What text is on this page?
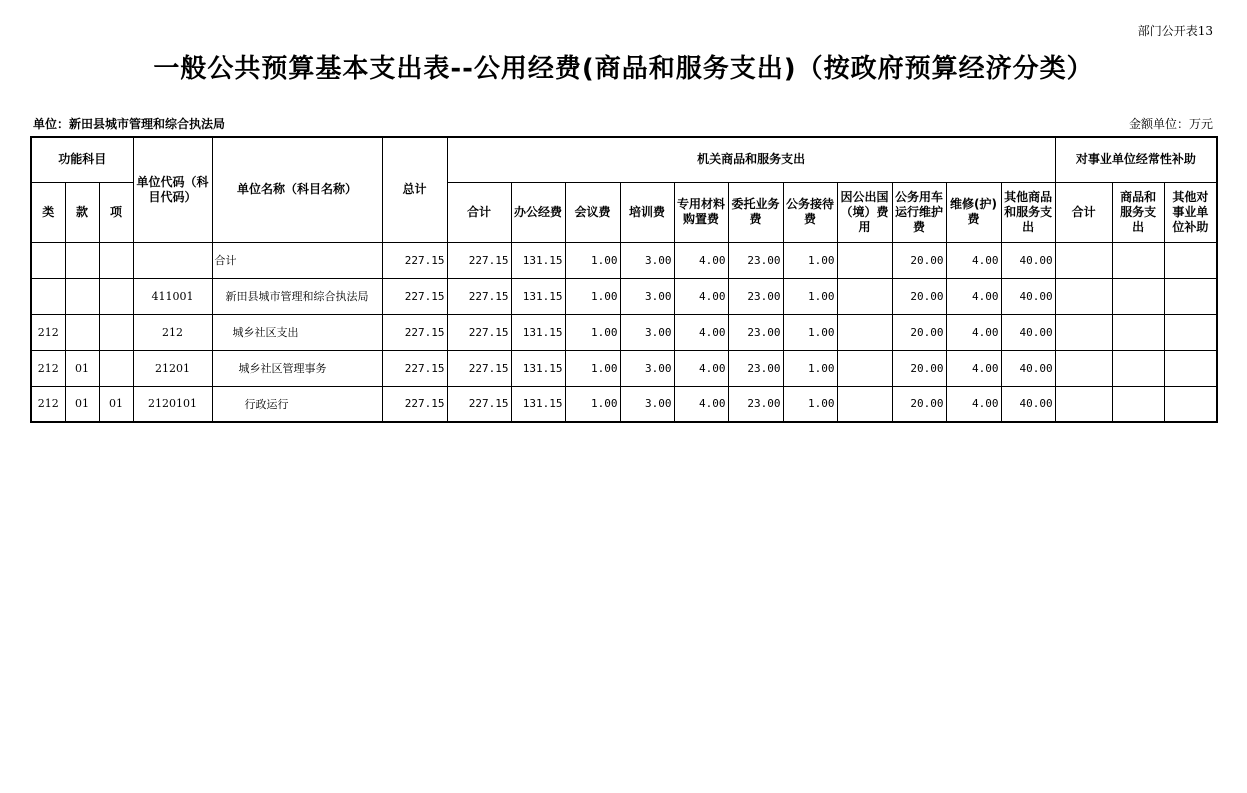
部门公开表13
一般公共预算基本支出表--公用经费(商品和服务支出)（按政府预算经济分类）
单位：新田县城市管理和综合执法局	金额单位：万元
功能科目			单位代码（科目代码）	单位名称（科目名称）	总计	机关商品和服务支出											对事业单位经常性补助		
类	款	项				合计	办公经费	会议费	培训费	专用材料购置费	委托业务费	公务接待费	因公出国（境）费用	公务用车运行维护费	维修(护)费	其他商品和服务支出	合计	商品和服务支出	其他对事业单位补助
				合计	227.15	227.15	131.15	1.00	3.00	4.00	23.00	1.00		20.00	4.00	40.00			
			411001	新田县城市管理和综合执法局	227.15	227.15	131.15	1.00	3.00	4.00	23.00	1.00		20.00	4.00	40.00			
212			212	城乡社区支出	227.15	227.15	131.15	1.00	3.00	4.00	23.00	1.00		20.00	4.00	40.00			
212	01		21201	城乡社区管理事务	227.15	227.15	131.15	1.00	3.00	4.00	23.00	1.00		20.00	4.00	40.00			
212	01	01	2120101	行政运行	227.15	227.15	131.15	1.00	3.00	4.00	23.00	1.00		20.00	4.00	40.00			
